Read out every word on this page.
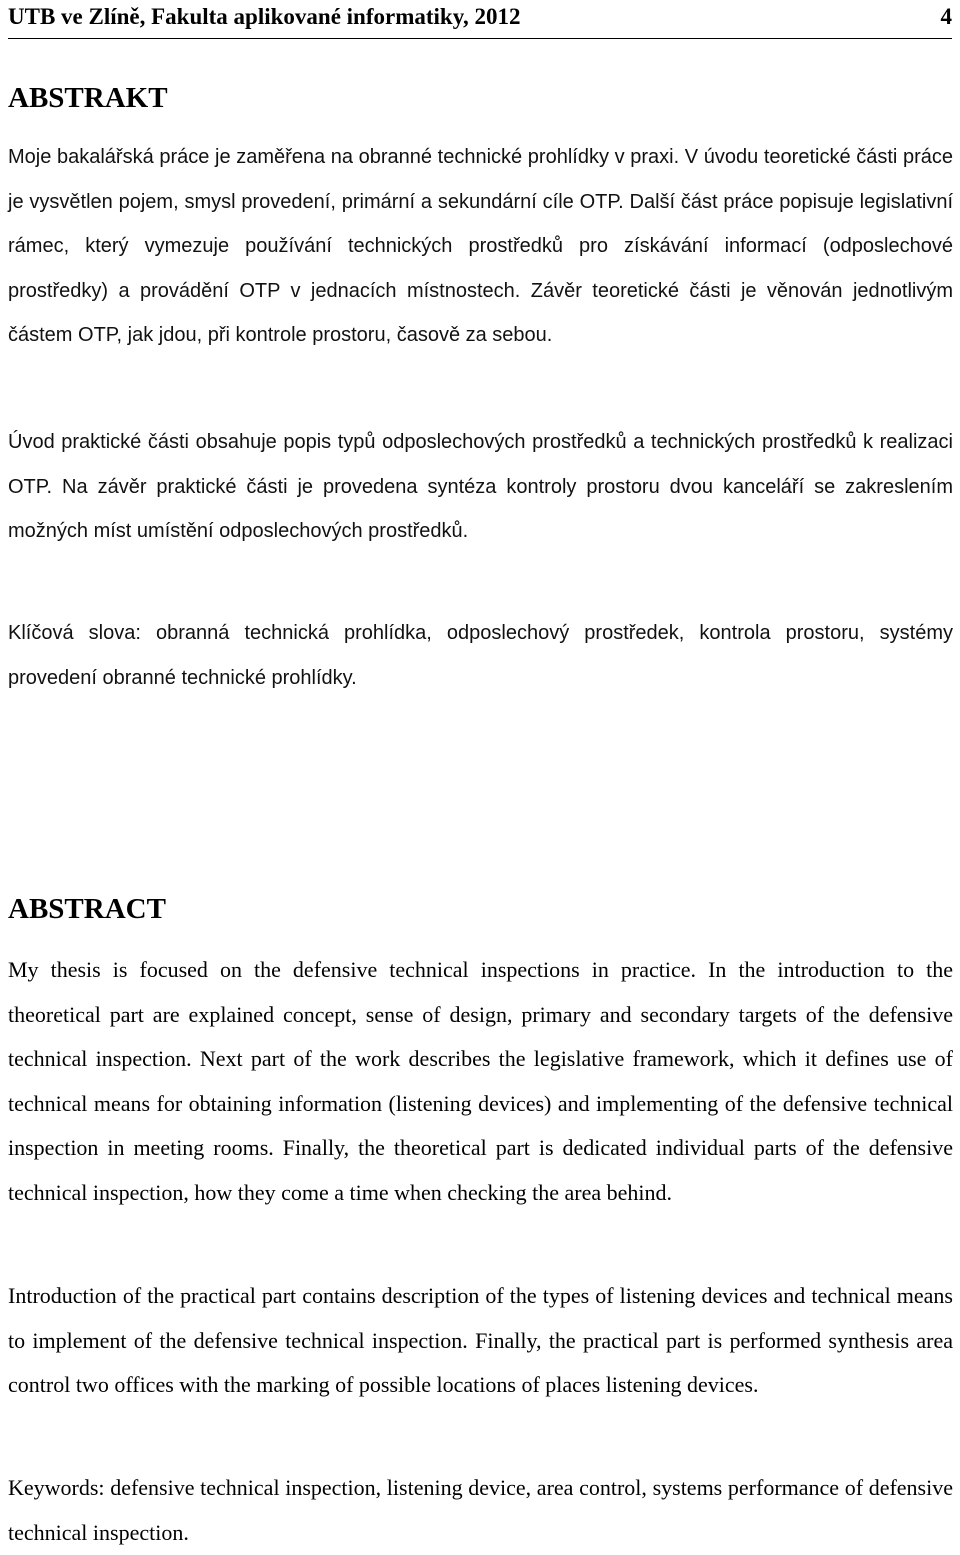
UTB ve Zlíně, Fakulta aplikované informatiky, 2012	4
ABSTRAKT

Moje bakalářská práce je zaměřena na obranné technické prohlídky v praxi. V úvodu teoretické části práce je vysvětlen pojem, smysl provedení, primární a sekundární cíle OTP. Další část práce popisuje legislativní rámec, který vymezuje používání technických prostředků pro získávání informací (odposlechové prostředky) a provádění OTP v jednacích místnostech. Závěr teoretické části je věnován jednotlivým částem OTP, jak jdou, při kontrole prostoru, časově za sebou.

Úvod praktické části obsahuje popis typů odposlechových prostředků a technických prostředků k realizaci OTP. Na závěr praktické části je provedena syntéza kontroly prostoru dvou kanceláří se zakreslením možných míst umístění odposlechových prostředků.

Klíčová slova: obranná technická prohlídka, odposlechový prostředek, kontrola prostoru, systémy provedení obranné technické prohlídky.

ABSTRACT

My thesis is focused on the defensive technical inspections in practice. In the introduction to the theoretical part are explained concept, sense of design, primary and secondary targets of the defensive technical inspection. Next part of the work describes the legislative framework, which it defines use of technical means for obtaining information (listening devices) and implementing of the defensive technical inspection in meeting rooms. Finally, the theoretical part is dedicated individual parts of the defensive technical inspection, how they come a time when checking the area behind.

Introduction of the practical part contains description of the types of listening devices and technical means to implement of the defensive technical inspection. Finally, the practical part is performed synthesis area control two offices with the marking of possible locations of places listening devices.

Keywords: defensive technical inspection, listening device, area control, systems performance of defensive technical inspection.
